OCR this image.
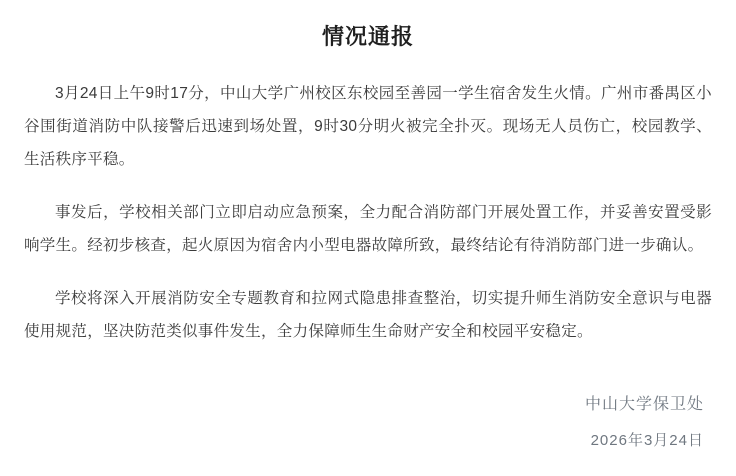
情况通报

3月24日上午9时17分，中山大学广州校区东校园至善园一学生宿舍发生火情。广州市番禺区小谷围街道消防中队接警后迅速到场处置，9时30分明火被完全扑灭。现场无人员伤亡，校园教学、生活秩序平稳。

事发后，学校相关部门立即启动应急预案，全力配合消防部门开展处置工作，并妥善安置受影响学生。经初步核查，起火原因为宿舍内小型电器故障所致，最终结论有待消防部门进一步确认。

学校将深入开展消防安全专题教育和拉网式隐患排查整治，切实提升师生消防安全意识与电器使用规范，坚决防范类似事件发生，全力保障师生生命财产安全和校园平安稳定。

中山大学保卫处
2026年3月24日
